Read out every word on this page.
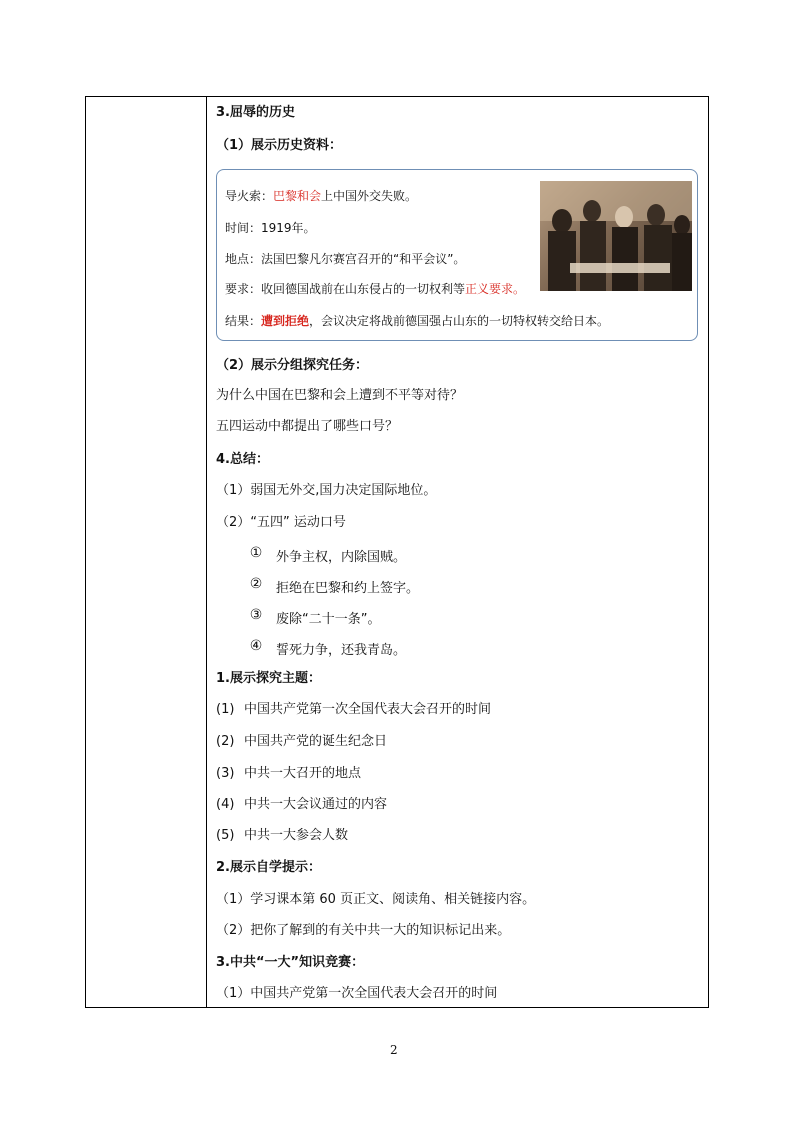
3.屈辱的历史
（1）展示历史资料：
导火索：巴黎和会上中国外交失败。
时间：1919年。
地点：法国巴黎凡尔赛宫召开的“和平会议”。
要求：收回德国战前在山东侵占的一切权利等正义要求。
结果：遭到拒绝，会议决定将战前德国强占山东的一切特权转交给日本。
（2）展示分组探究任务：
为什么中国在巴黎和会上遭到不平等对待？
五四运动中都提出了哪些口号？
4.总结：
（1）弱国无外交,国力决定国际地位。
（2）“五四” 运动口号
① 外争主权，内除国贼。
② 拒绝在巴黎和约上签字。
③ 废除“二十一条”。
④ 誓死力争，还我青岛。
1.展示探究主题：
(1) 中国共产党第一次全国代表大会召开的时间
(2) 中国共产党的诞生纪念日
(3) 中共一大召开的地点
(4) 中共一大会议通过的内容
(5) 中共一大参会人数
2.展示自学提示：
（1）学习课本第 60 页正文、阅读角、相关链接内容。
（2）把你了解到的有关中共一大的知识标记出来。
3.中共“一大”知识竞赛：
（1）中国共产党第一次全国代表大会召开的时间
2
